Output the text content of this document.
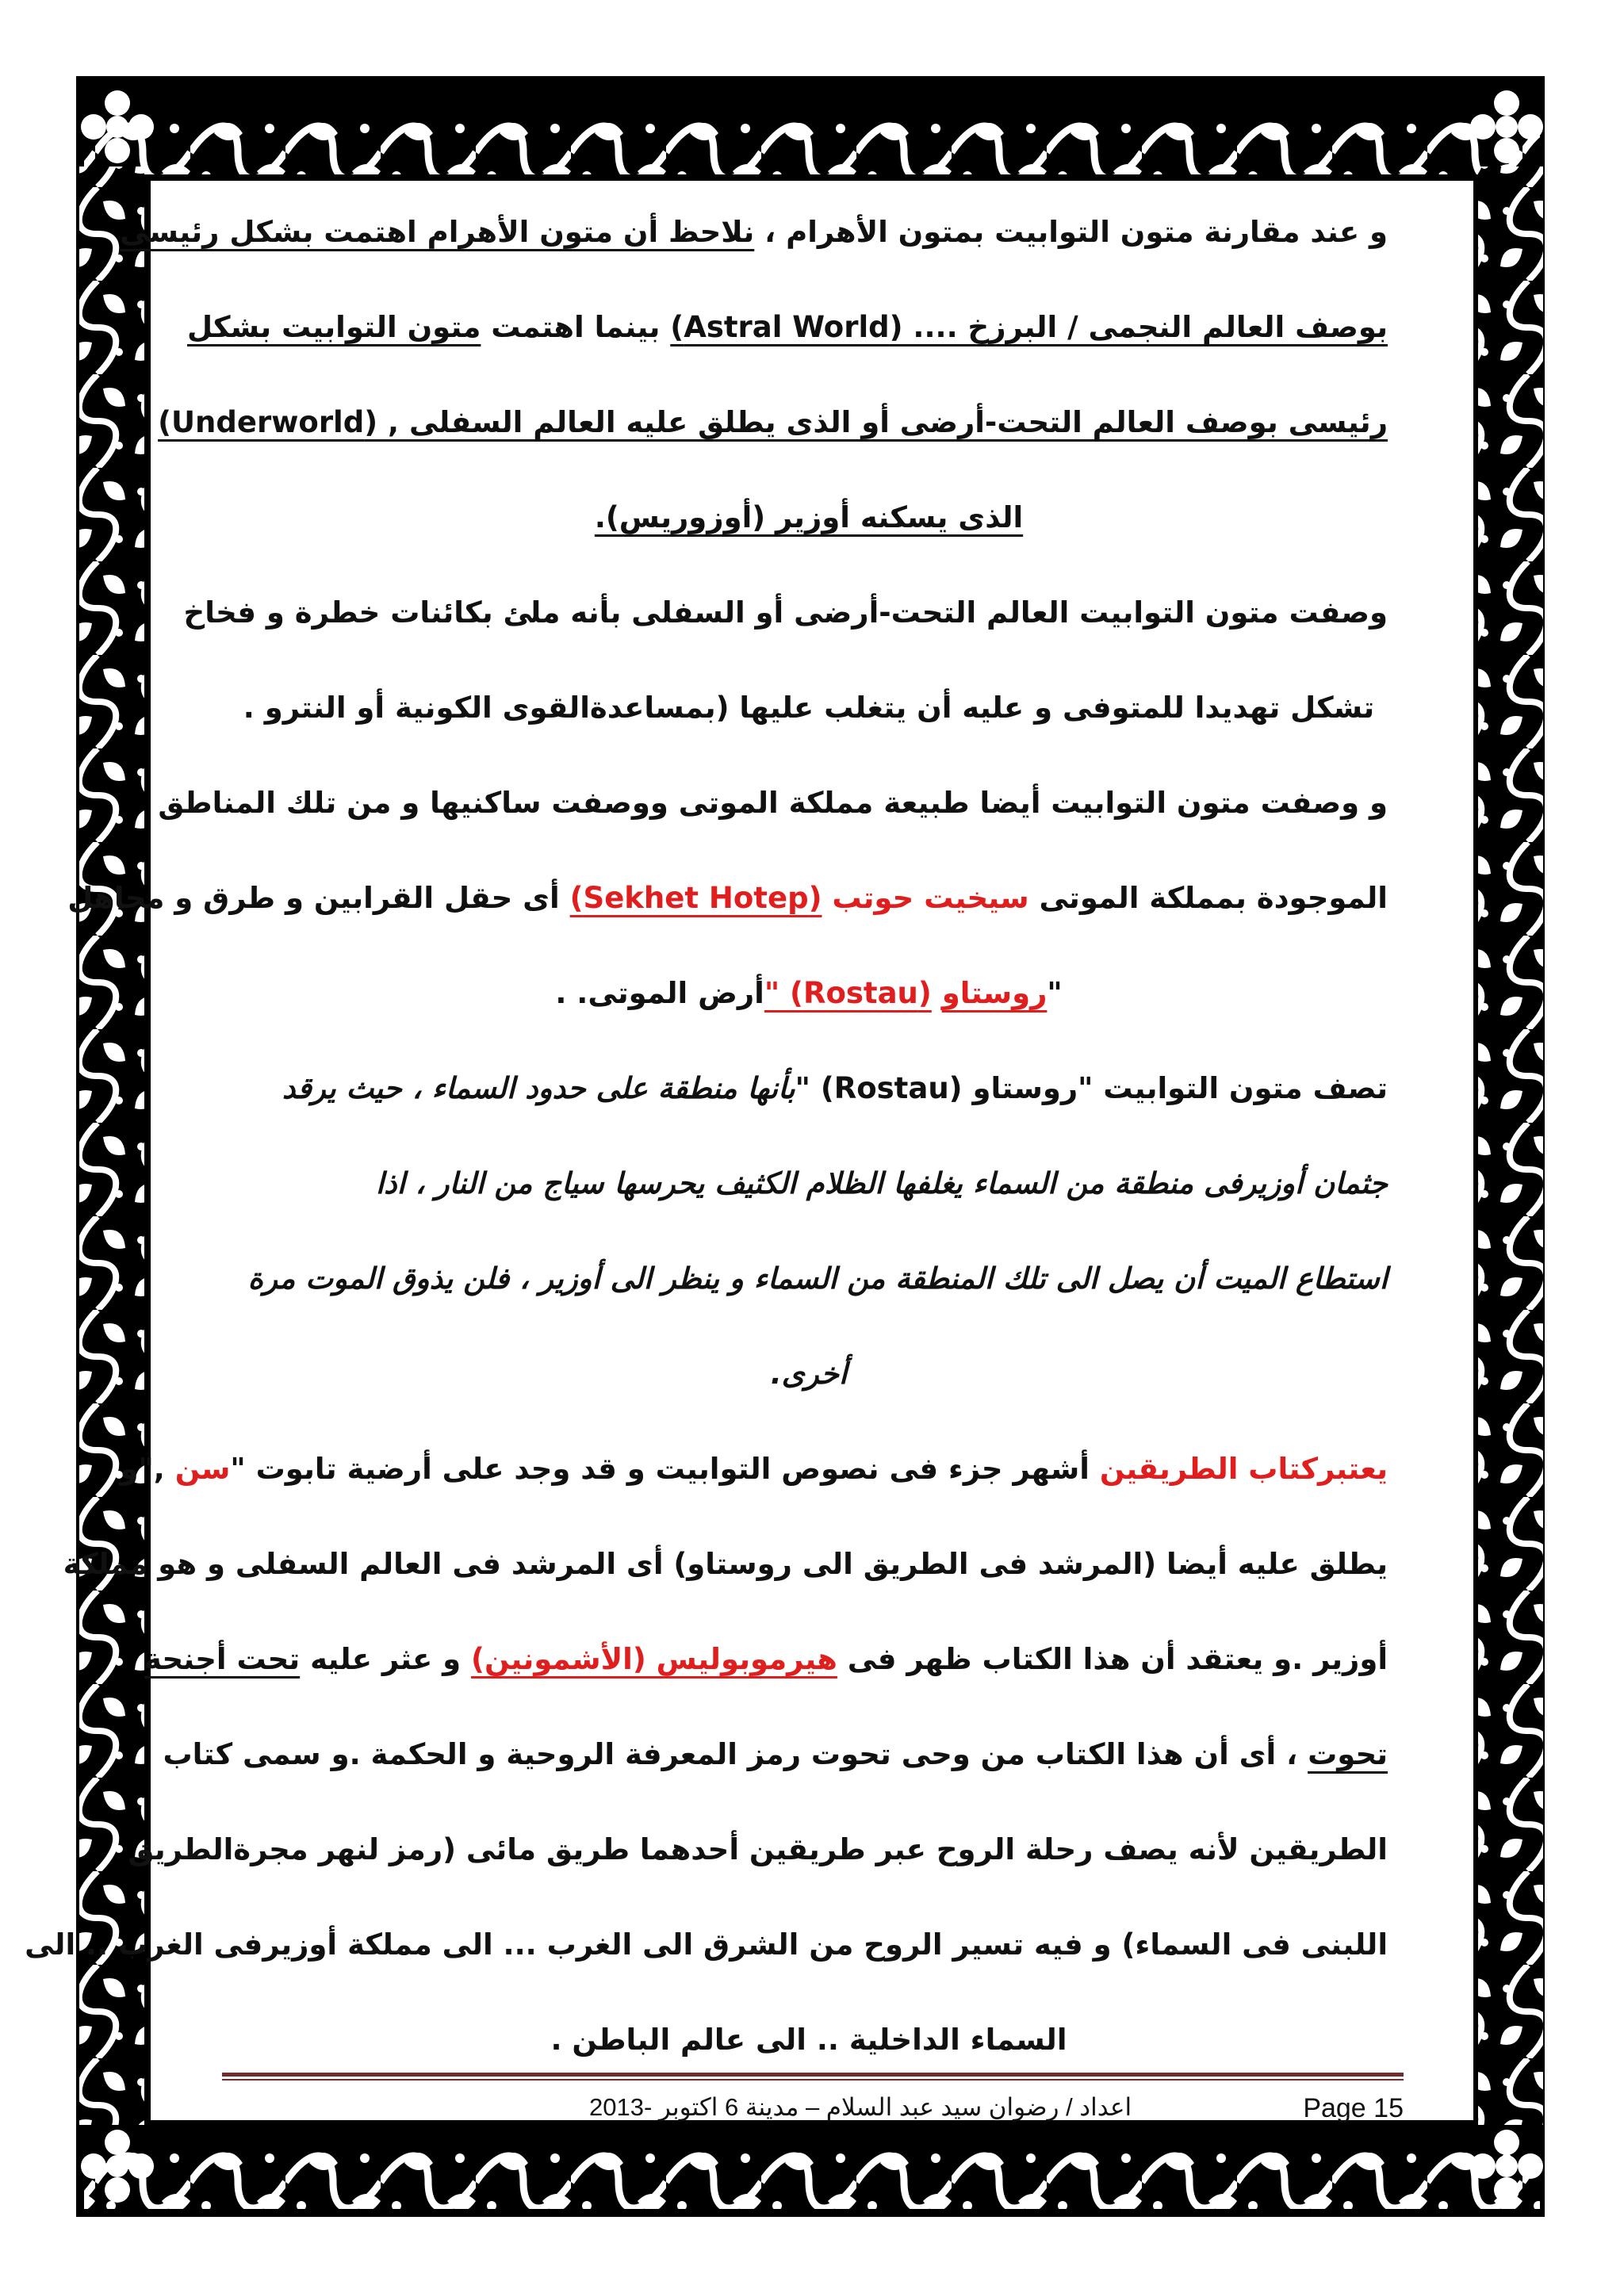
و عند مقارنة متون التوابيت بمتون الأهرام ، نلاحظ أن متون الأهرام اهتمت بشكل رئيسى
بوصف العالم النجمى / البرزخ .... (Astral World) بينما اهتمت متون التوابيت بشكل
رئيسى بوصف العالم التحت-أرضى أو الذى يطلق عليه العالم السفلى , (Underworld)
الذى يسكنه أوزير (أوزوريس).
وصفت متون التوابيت العالم التحت-أرضى أو السفلى بأنه ملئ بكائنات خطرة و فخاخ
تشكل تهديدا للمتوفى و عليه أن يتغلب عليها (بمساعدةالقوى الكونية أو النترو .
و وصفت متون التوابيت أيضا طبيعة مملكة الموتى ووصفت ساكنيها و من تلك المناطق
الموجودة بمملكة الموتى سيخيت حوتب (Sekhet Hotep) أى حقل القرابين و طرق و مجاهل
"روستاو (Rostau) "أرض الموتى. .
تصف متون التوابيت "روستاو (Rostau) "بأنها منطقة على حدود السماء ، حيث يرقد
جثمان أوزيرفى منطقة من السماء يغلفها الظلام الكثيف يحرسها سياج من النار ، اذا
استطاع الميت أن يصل الى تلك المنطقة من السماء و ينظر الى أوزير ، فلن يذوق الموت مرة
أخرى.
يعتبركتاب الطريقين أشهر جزء فى نصوص التوابيت و قد وجد على أرضية تابوت "سن ,"و
يطلق عليه أيضا (المرشد فى الطريق الى روستاو) أى المرشد فى العالم السفلى و هو مملكة
أوزير .و يعتقد أن هذا الكتاب ظهر فى هيرموبوليس (الأشمونين) و عثر عليه تحت أجنحة
تحوت ، أى أن هذا الكتاب من وحى تحوت رمز المعرفة الروحية و الحكمة .و سمى كتاب
الطريقين لأنه يصف رحلة الروح عبر طريقين أحدهما طريق مائى (رمز لنهر مجرةالطريق
اللبنى فى السماء) و فيه تسير الروح من الشرق الى الغرب ... الى مملكة أوزيرفى الغرب .. الى
السماء الداخلية .. الى عالم الباطن .
Page 15
اعداد / رضوان سيد عبد السلام – مدينة 6 اكتوبر -2013
